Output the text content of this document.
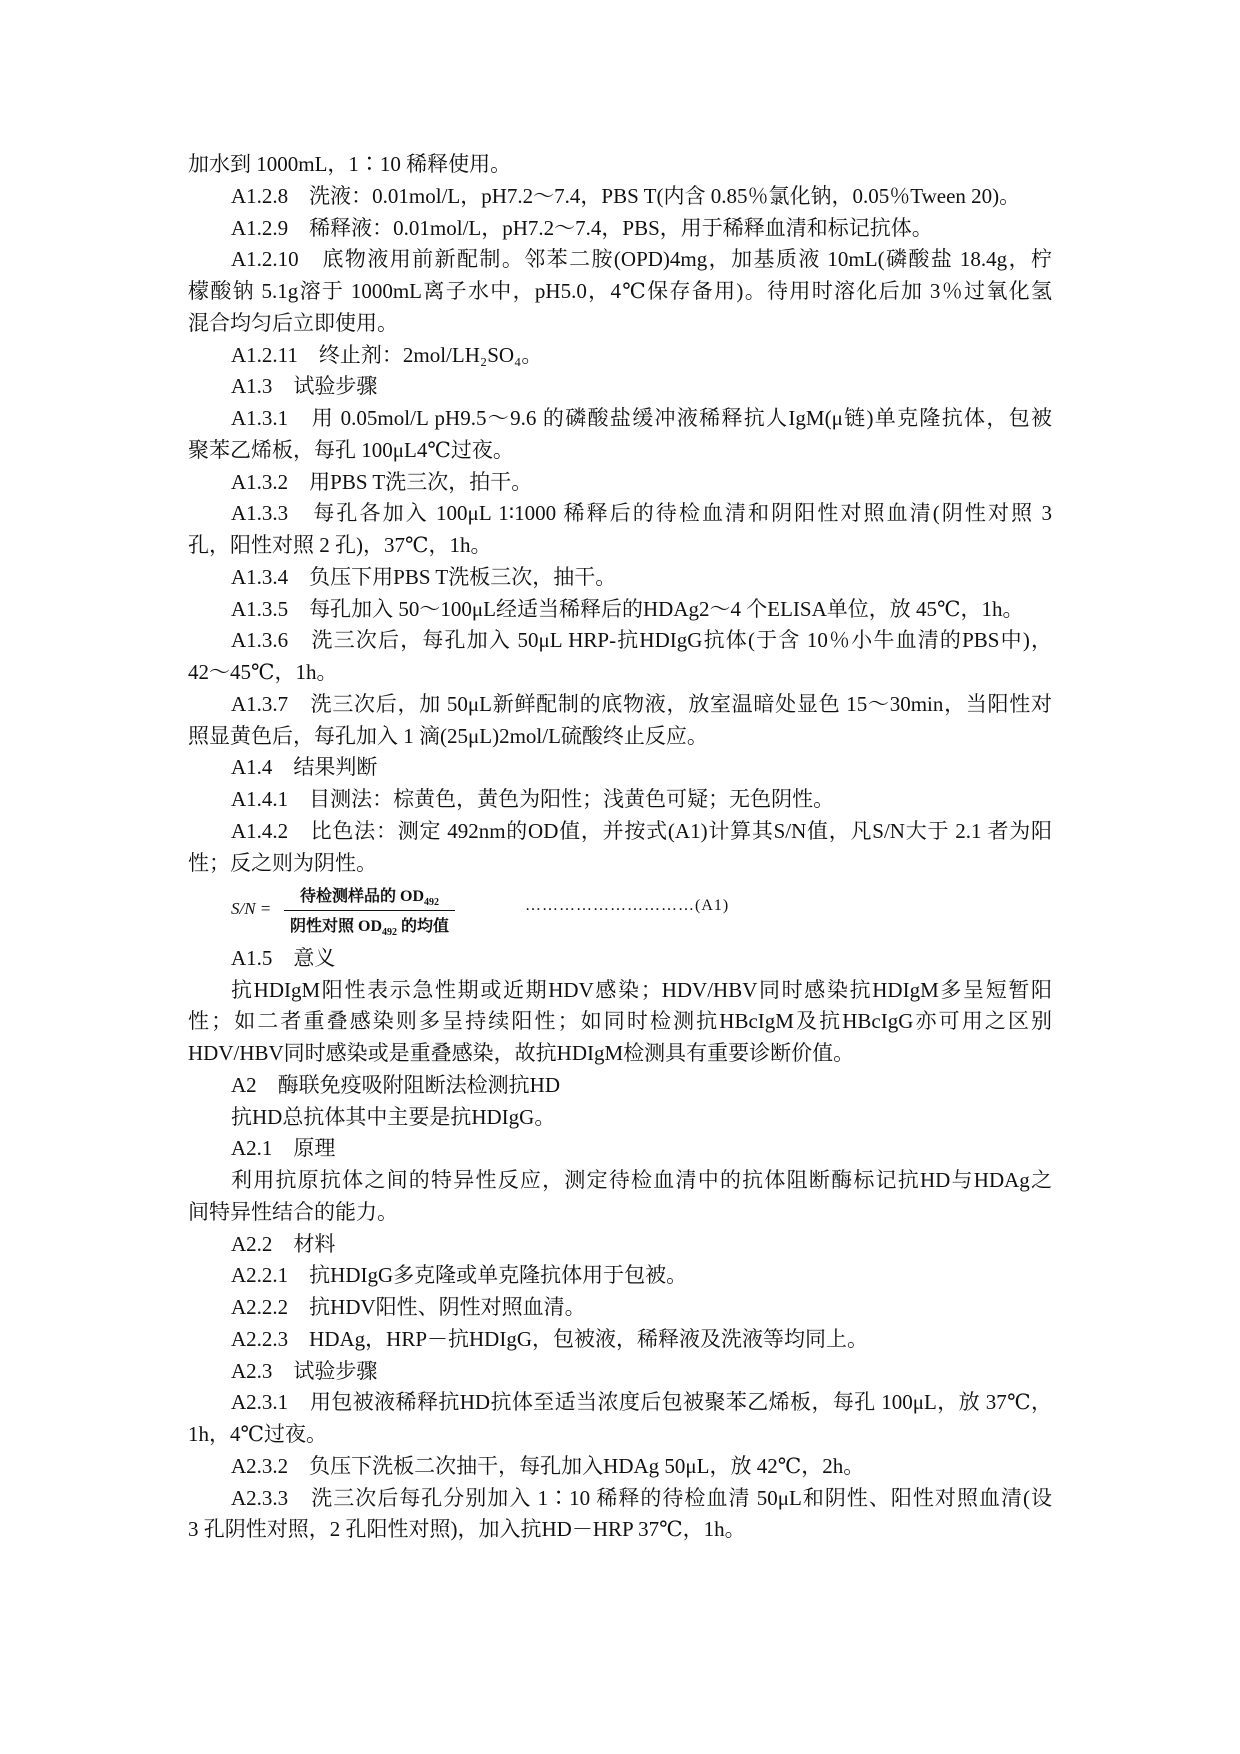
加水到 1000mL，1∶10 稀释使用。
A1.2.8　洗液：0.01mol/L，pH7.2～7.4，PBS T(内含 0.85％氯化钠，0.05％Tween 20)。
A1.2.9　稀释液：0.01mol/L，pH7.2～7.4，PBS，用于稀释血清和标记抗体。
A1.2.10　底物液用前新配制。邻苯二胺(OPD)4mg，加基质液 10mL(磷酸盐 18.4g，柠
檬酸钠 5.1g溶于 1000mL离子水中，pH5.0，4℃保存备用)。待用时溶化后加 3％过氧化氢
混合均匀后立即使用。
A1.2.11　终止剂：2mol/LH₂SO₄。
A1.3　试验步骤
A1.3.1　用 0.05mol/L pH9.5～9.6 的磷酸盐缓冲液稀释抗人IgM(μ链)单克隆抗体，包被
聚苯乙烯板，每孔 100μL4℃过夜。
A1.3.2　用PBS T洗三次，拍干。
A1.3.3　每孔各加入 100μL 1∶1000 稀释后的待检血清和阴阳性对照血清(阴性对照 3
孔，阳性对照 2 孔)，37℃，1h。
A1.3.4　负压下用PBS T洗板三次，抽干。
A1.3.5　每孔加入 50～100μL经适当稀释后的HDAg2～4 个ELISA单位，放 45℃，1h。
A1.3.6　洗三次后，每孔加入 50μL HRP-抗HDIgG抗体(于含 10％小牛血清的PBS中)，
42～45℃，1h。
A1.3.7　洗三次后，加 50μL新鲜配制的底物液，放室温暗处显色 15～30min，当阳性对
照显黄色后，每孔加入 1 滴(25μL)2mol/L硫酸终止反应。
A1.4　结果判断
A1.4.1　目测法：棕黄色，黄色为阳性；浅黄色可疑；无色阴性。
A1.4.2　比色法：测定 492nm的OD值，并按式(A1)计算其S/N值，凡S/N大于 2.1 者为阳
性；反之则为阴性。
S/N =
待检测样品的 $OD_{492}$
阴性对照 $OD_{492}$ 的均值
…………………………(A1)
A1.5　意义
抗HDIgM阳性表示急性期或近期HDV感染；HDV/HBV同时感染抗HDIgM多呈短暂阳
性；如二者重叠感染则多呈持续阳性；如同时检测抗HBcIgM及抗HBcIgG亦可用之区别
HDV/HBV同时感染或是重叠感染，故抗HDIgM检测具有重要诊断价值。
A2　酶联免疫吸附阻断法检测抗HD
抗HD总抗体其中主要是抗HDIgG。
A2.1　原理
利用抗原抗体之间的特异性反应，测定待检血清中的抗体阻断酶标记抗HD与HDAg之
间特异性结合的能力。
A2.2　材料
A2.2.1　抗HDIgG多克隆或单克隆抗体用于包被。
A2.2.2　抗HDV阳性、阴性对照血清。
A2.2.3　HDAg，HRP－抗HDIgG，包被液，稀释液及洗液等均同上。
A2.3　试验步骤
A2.3.1　用包被液稀释抗HD抗体至适当浓度后包被聚苯乙烯板，每孔 100μL，放 37℃，
1h，4℃过夜。
A2.3.2　负压下洗板二次抽干，每孔加入HDAg 50μL，放 42℃，2h。
A2.3.3　洗三次后每孔分别加入 1∶10 稀释的待检血清 50μL和阴性、阳性对照血清(设
3 孔阴性对照，2 孔阳性对照)，加入抗HD－HRP 37℃，1h。
